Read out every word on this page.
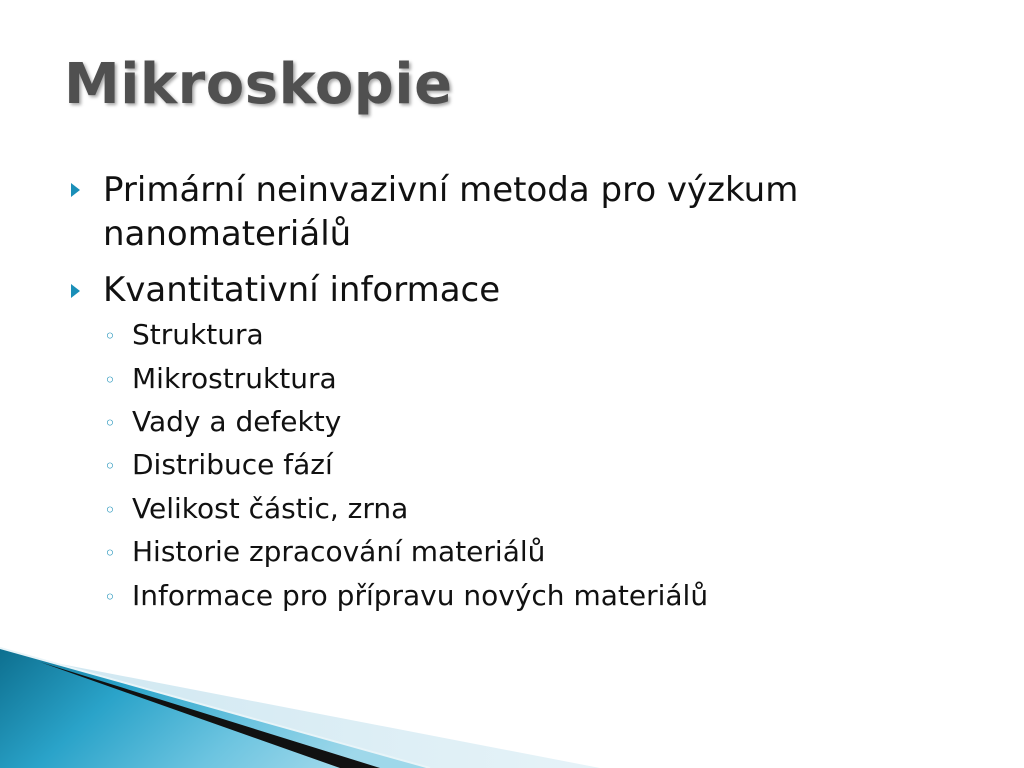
Mikroskopie

Primární neinvazivní metoda pro výzkum nanomateriálů

Kvantitativní informace

◦ Struktura

◦ Mikrostruktura

◦ Vady a defekty

◦ Distribuce fází

◦ Velikost částic, zrna

◦ Historie zpracování materiálů

◦ Informace pro přípravu nových materiálů
